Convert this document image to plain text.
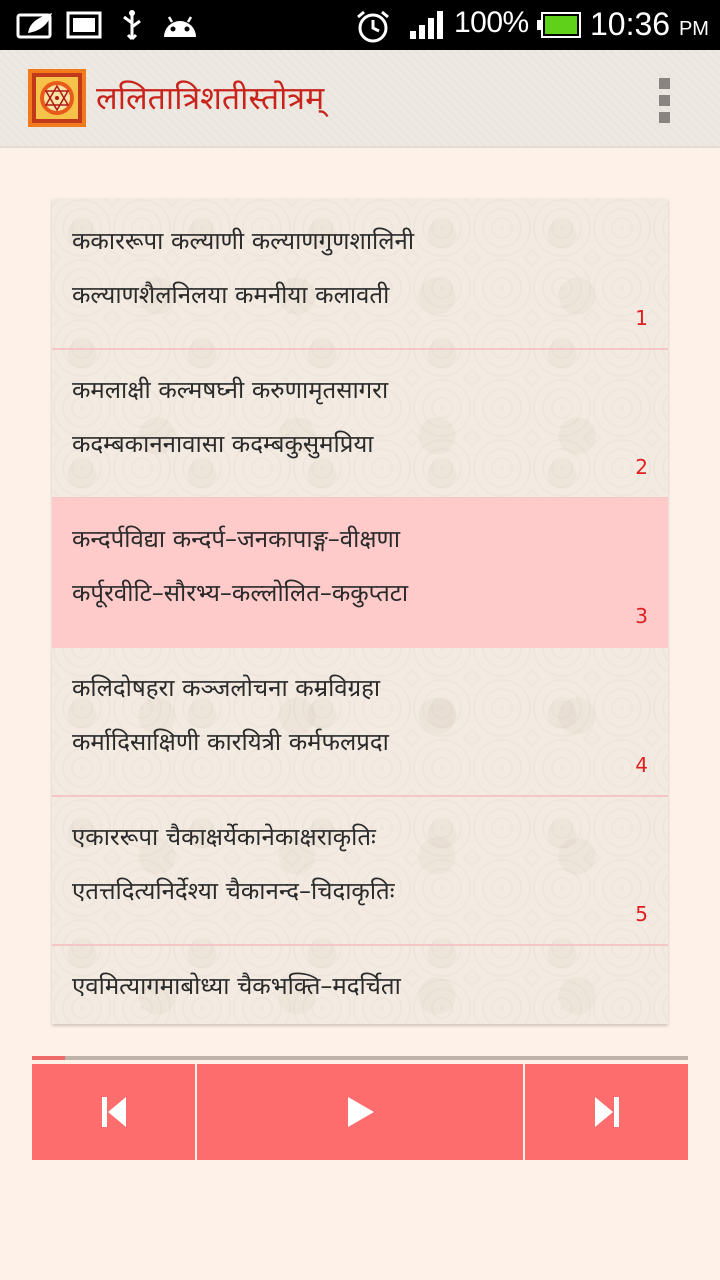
100% 10:36 PM
ललितात्रिशतीस्तोत्रम्
ककाररूपा कल्याणी कल्याणगुणशालिनी
कल्याणशैलनिलया कमनीया कलावती
1
कमलाक्षी कल्मषघ्नी करुणामृतसागरा
कदम्बकाननावासा कदम्बकुसुमप्रिया
2
कन्दर्पविद्या कन्दर्प–जनकापाङ्ग–वीक्षणा
कर्पूरवीटि–सौरभ्य–कल्लोलित–ककुप्तटा
3
कलिदोषहरा कञ्जलोचना कम्रविग्रहा
कर्मादिसाक्षिणी कारयित्री कर्मफलप्रदा
4
एकाररूपा चैकाक्षर्येकानेकाक्षराकृतिः
एतत्तदित्यनिर्देश्या चैकानन्द–चिदाकृतिः
5
एवमित्यागमाबोध्या चैकभक्ति–मदर्चिता
